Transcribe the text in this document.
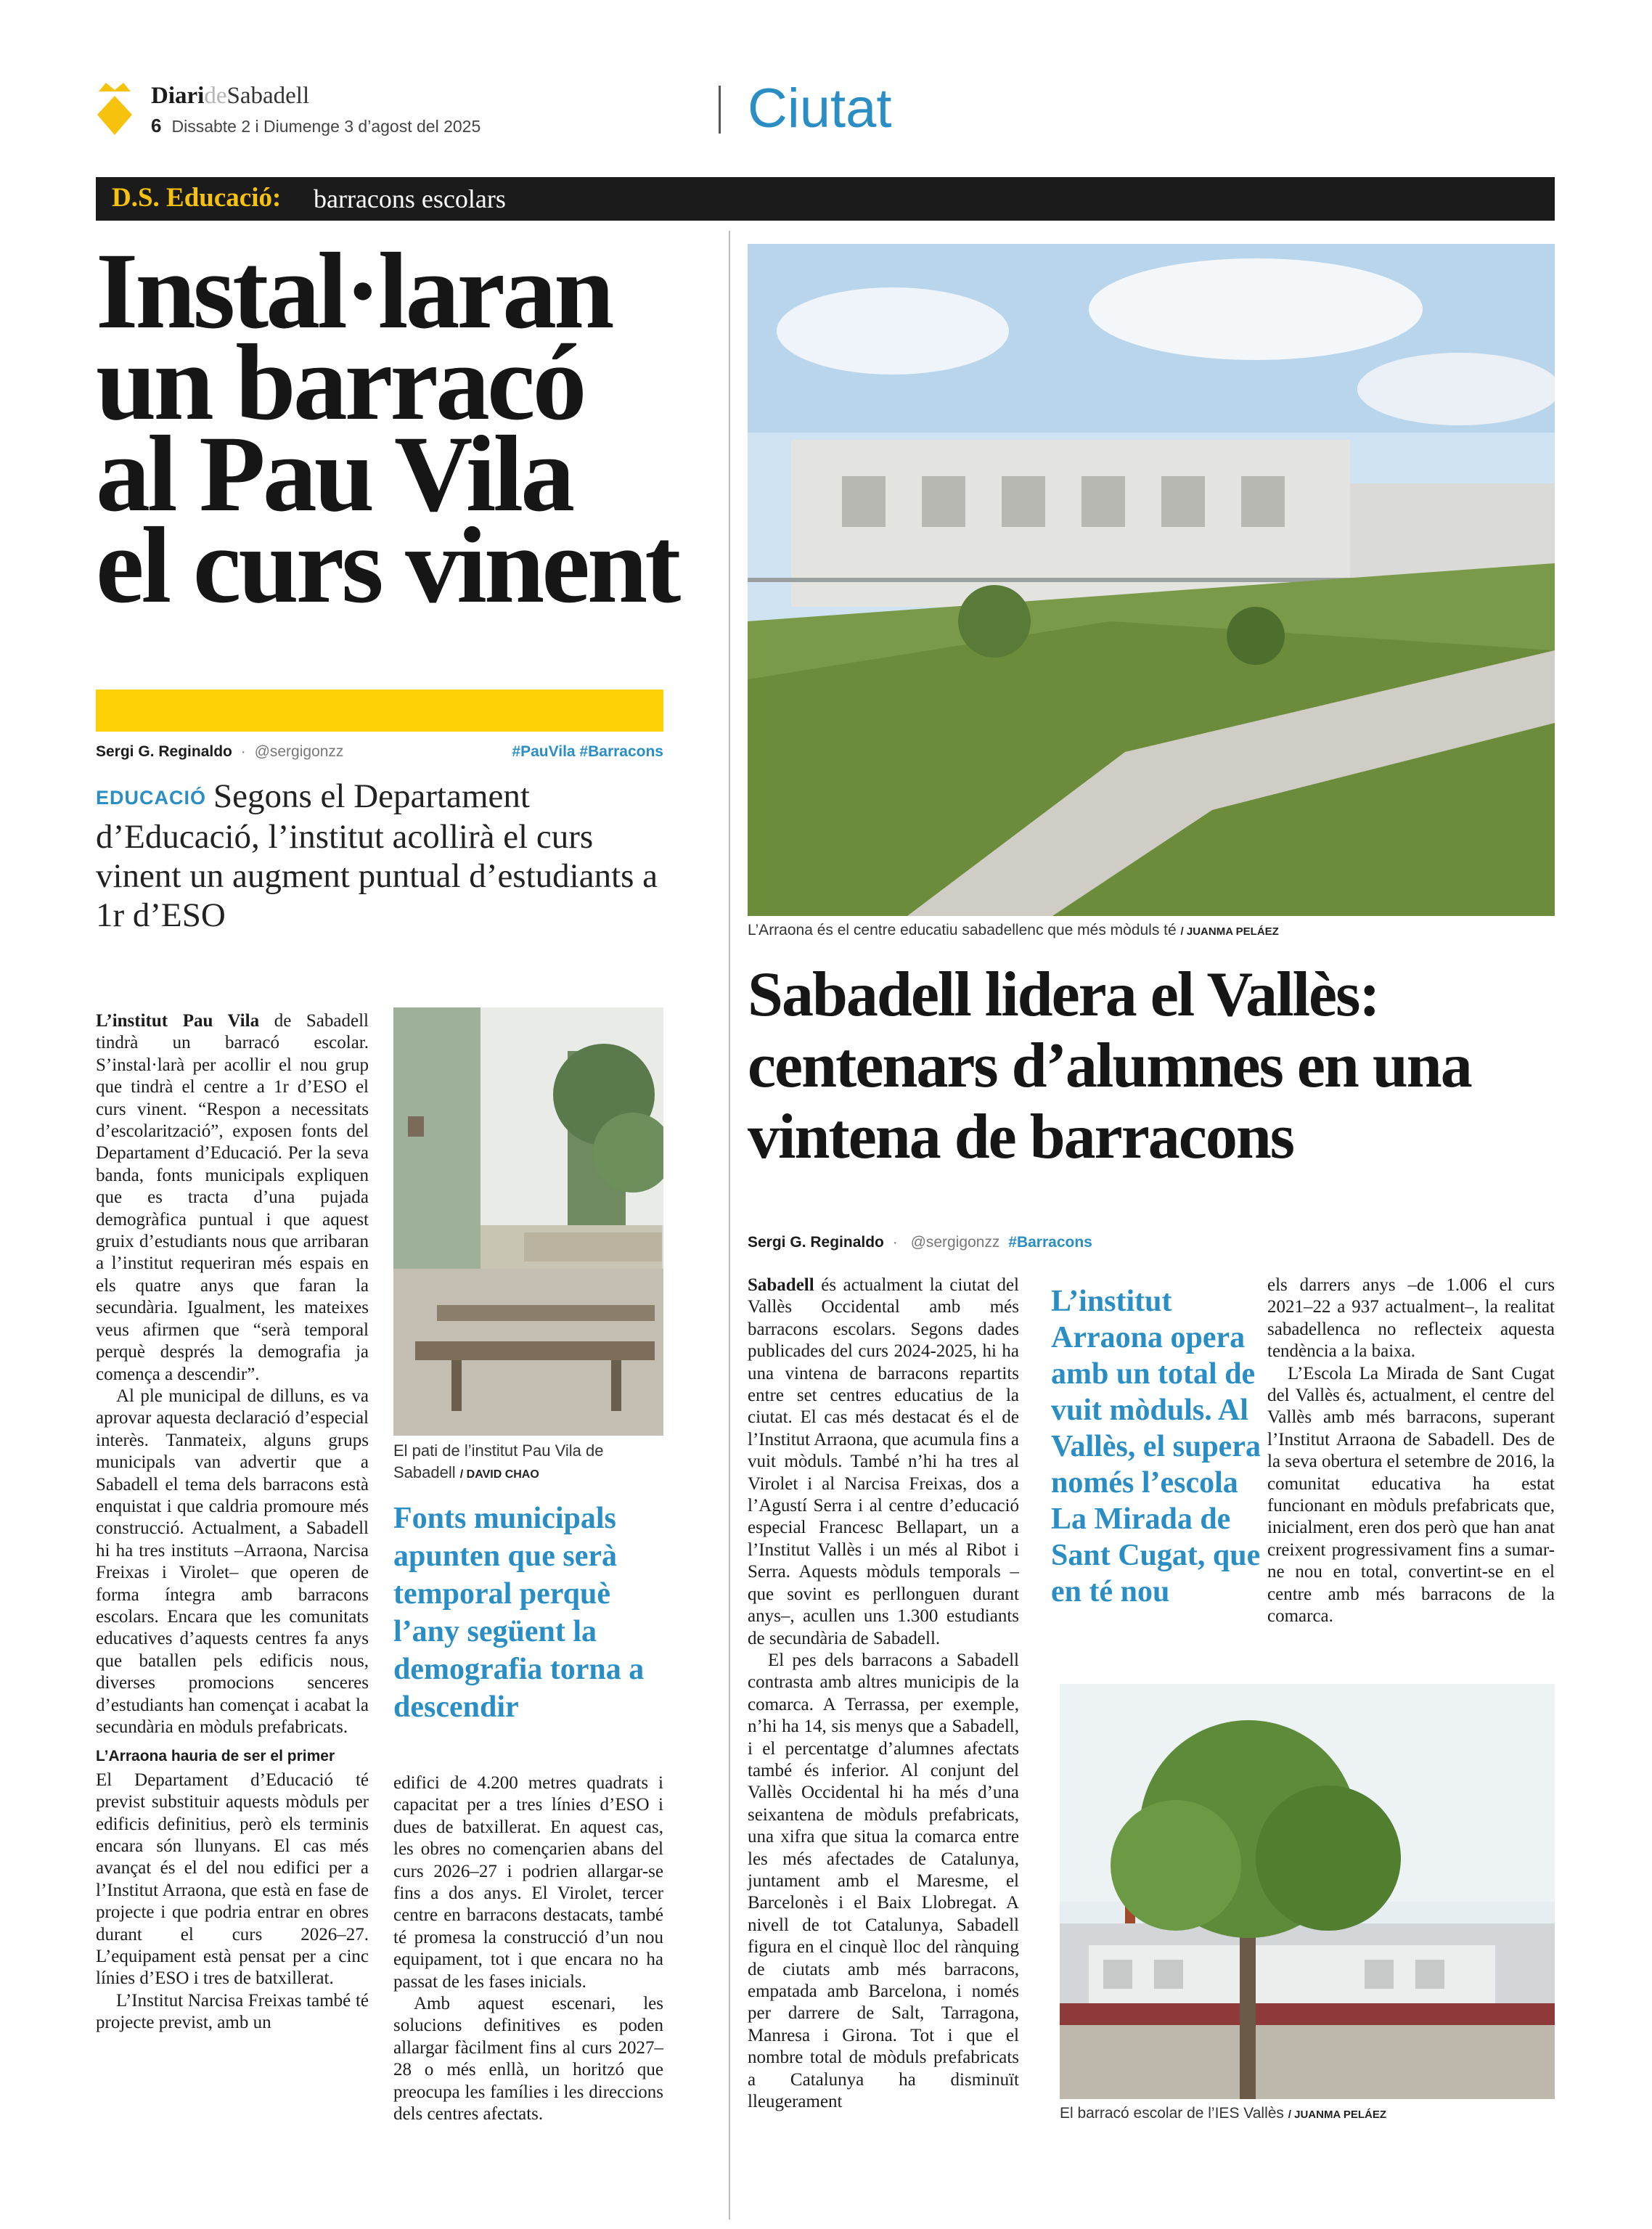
DiarideSabadell
6 Dissabte 2 i Diumenge 3 d’agost del 2025	Ciutat
D.S. Educació: barracons escolars
Instal·laran
un barracó
al Pau Vila
el curs vinent
Sergi G. Reginaldo · @sergigonzz	#PauVila #Barracons
EDUCACIÓ Segons el Departament d’Educació, l’institut acollirà el curs vinent un augment puntual d’estudiants a 1r d’ESO

L’institut Pau Vila de Sabadell tindrà un barracó escolar. S’instal·larà per acollir el nou grup que tindrà el centre a 1r d’ESO el curs vinent. “Respon a necessitats d’escolarització”, exposen fonts del Departament d’Educació. Per la seva banda, fonts municipals expliquen que es tracta d’una pujada demogràfica puntual i que aquest gruix d’estudiants nous que arribaran a l’institut requeriran més espais en els quatre anys que faran la secundària. Igualment, les mateixes veus afirmen que “serà temporal perquè després la demografia ja comença a descendir”.

Al ple municipal de dilluns, es va aprovar aquesta declaració d’especial interès. Tanmateix, alguns grups municipals van advertir que a Sabadell el tema dels barracons està enquistat i que caldria promoure més construcció. Actualment, a Sabadell hi ha tres instituts –Arraona, Narcisa Freixas i Virolet– que operen de forma íntegra amb barracons escolars. Encara que les comunitats educatives d’aquests centres fa anys que batallen pels edificis nous, diverses promocions senceres d’estudiants han començat i acabat la secundària en mòduls prefabricats.

L’Arraona hauria de ser el primer

El Departament d’Educació té previst substituir aquests mòduls per edificis definitius, però els terminis encara són llunyans. El cas més avançat és el del nou edifici per a l’Institut Arraona, que està en fase de projecte i que podria entrar en obres durant el curs 2026–27. L’equipament està pensat per a cinc línies d’ESO i tres de batxillerat.

L’Institut Narcisa Freixas també té projecte previst, amb un

El pati de l’institut Pau Vila de Sabadell / DAVID CHAO
Fonts municipals apunten que serà temporal perquè l’any següent la demografia torna a descendir

edifici de 4.200 metres quadrats i capacitat per a tres línies d’ESO i dues de batxillerat. En aquest cas, les obres no començarien abans del curs 2026–27 i podrien allargar-se fins a dos anys. El Virolet, tercer centre en barracons destacats, també té promesa la construcció d’un nou equipament, tot i que encara no ha passat de les fases inicials.

Amb aquest escenari, les solucions definitives es poden allargar fàcilment fins al curs 2027–28 o més enllà, un horitzó que preocupa les famílies i les direccions dels centres afectats.

L’Arraona és el centre educatiu sabadellenc que més mòduls té / JUANMA PELÁEZ
Sabadell lidera el Vallès: centenars d’alumnes en una vintena de barracons
Sergi G. Reginaldo · @sergigonzz #Barracons

Sabadell és actualment la ciutat del Vallès Occidental amb més barracons escolars. Segons dades publicades del curs 2024-2025, hi ha una vintena de barracons repartits entre set centres educatius de la ciutat. El cas més destacat és el de l’Institut Arraona, que acumula fins a vuit mòduls. També n’hi ha tres al Virolet i al Narcisa Freixas, dos a l’Agustí Serra i al centre d’educació especial Francesc Bellapart, un a l’Institut Vallès i un més al Ribot i Serra. Aquests mòduls temporals –que sovint es perllonguen durant anys–, acullen uns 1.300 estudiants de secundària de Sabadell.

El pes dels barracons a Sabadell contrasta amb altres municipis de la comarca. A Terrassa, per exemple, n’hi ha 14, sis menys que a Sabadell, i el percentatge d’alumnes afectats també és inferior. Al conjunt del Vallès Occidental hi ha més d’una seixantena de mòduls prefabricats, una xifra que situa la comarca entre les més afectades de Catalunya, juntament amb el Maresme, el Barcelonès i el Baix Llobregat. A nivell de tot Catalunya, Sabadell figura en el cinquè lloc del rànquing de ciutats amb més barracons, empatada amb Barcelona, i només per darrere de Salt, Tarragona, Manresa i Girona. Tot i que el nombre total de mòduls prefabricats a Catalunya ha disminuït lleugerament

L’institut Arraona opera amb un total de vuit mòduls. Al Vallès, el supera només l’escola La Mirada de Sant Cugat, que en té nou

els darrers anys –de 1.006 el curs 2021–22 a 937 actualment–, la realitat sabadellenca no reflecteix aquesta tendència a la baixa.

L’Escola La Mirada de Sant Cugat del Vallès és, actualment, el centre del Vallès amb més barracons, superant l’Institut Arraona de Sabadell. Des de la seva obertura el setembre de 2016, la comunitat educativa ha estat funcionant en mòduls prefabricats que, inicialment, eren dos però que han anat creixent progressivament fins a sumar-ne nou en total, convertint-se en el centre amb més barracons de la comarca.

El barracó escolar de l’IES Vallès / JUANMA PELÁEZ
